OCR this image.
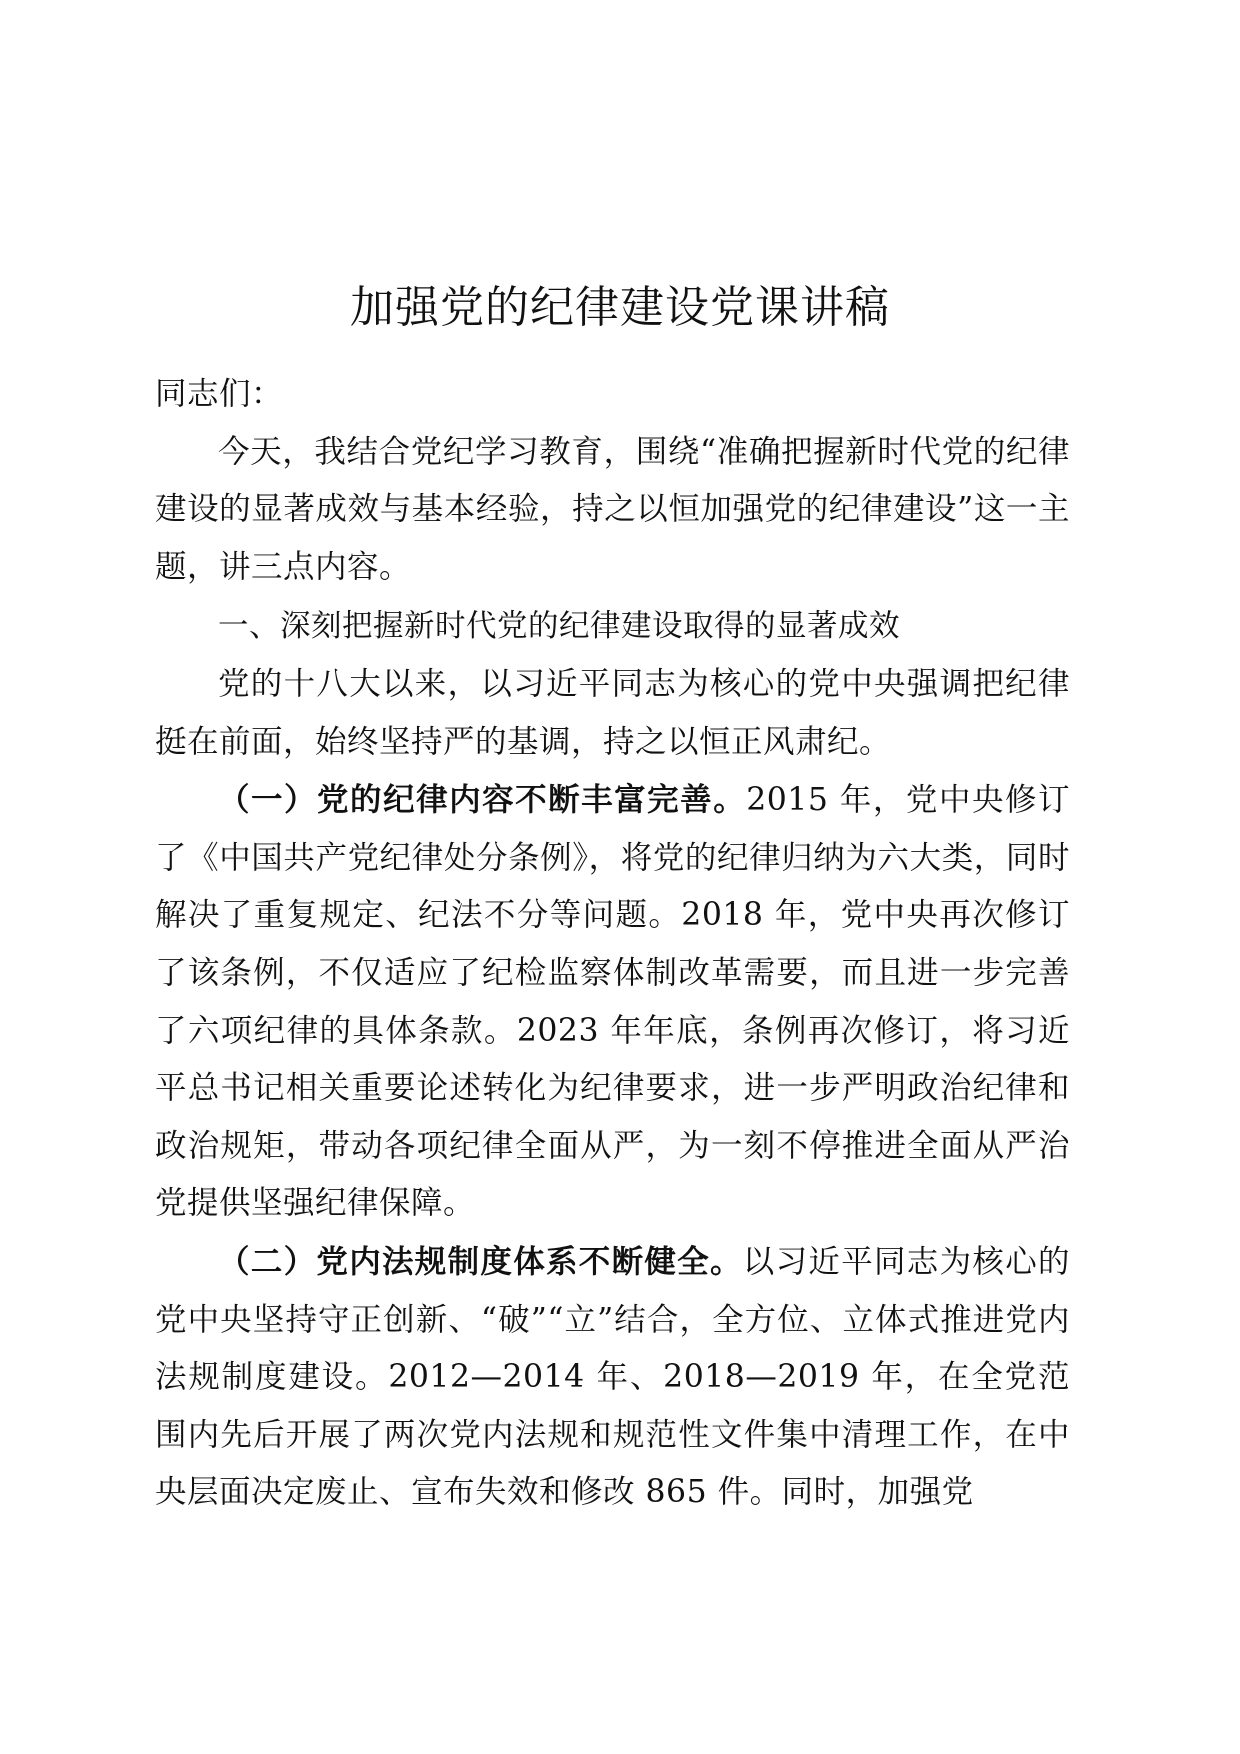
加强党的纪律建设党课讲稿

同志们：

今天，我结合党纪学习教育，围绕“准确把握新时代党的纪律建设的显著成效与基本经验，持之以恒加强党的纪律建设”这一主题，讲三点内容。

一、深刻把握新时代党的纪律建设取得的显著成效

党的十八大以来，以习近平同志为核心的党中央强调把纪律挺在前面，始终坚持严的基调，持之以恒正风肃纪。

（一）党的纪律内容不断丰富完善。2015 年，党中央修订了《中国共产党纪律处分条例》，将党的纪律归纳为六大类，同时解决了重复规定、纪法不分等问题。2018 年，党中央再次修订了该条例，不仅适应了纪检监察体制改革需要，而且进一步完善了六项纪律的具体条款。2023 年年底，条例再次修订，将习近平总书记相关重要论述转化为纪律要求，进一步严明政治纪律和政治规矩，带动各项纪律全面从严，为一刻不停推进全面从严治党提供坚强纪律保障。

（二）党内法规制度体系不断健全。以习近平同志为核心的党中央坚持守正创新、“破”“立”结合，全方位、立体式推进党内法规制度建设。2012—2014 年、2018—2019 年，在全党范围内先后开展了两次党内法规和规范性文件集中清理工作，在中央层面决定废止、宣布失效和修改 865 件。同时，加强党
